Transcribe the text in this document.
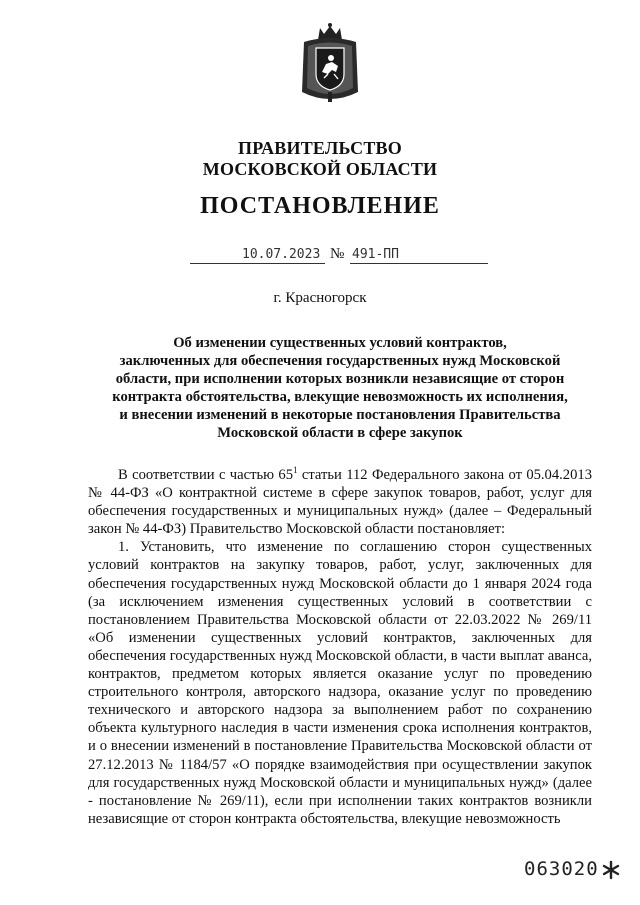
ПРАВИТЕЛЬСТВО
МОСКОВСКОЙ ОБЛАСТИ
ПОСТАНОВЛЕНИЕ
10.07.2023 № 491-ПП
г. Красногорск
Об изменении существенных условий контрактов,
заключенных для обеспечения государственных нужд Московской
области, при исполнении которых возникли независящие от сторон
контракта обстоятельства, влекущие невозможность их исполнения,
и внесении изменений в некоторые постановления Правительства
Московской области в сфере закупок

В соответствии с частью $65^1$ статьи 112 Федерального закона от 05.04.2013 № 44-ФЗ «О контрактной системе в сфере закупок товаров, работ, услуг для обеспечения государственных и муниципальных нужд» (далее – Федеральный закон № 44-ФЗ) Правительство Московской области постановляет:

1. Установить, что изменение по соглашению сторон существенных условий контрактов на закупку товаров, работ, услуг, заключенных для обеспечения государственных нужд Московской области до 1 января 2024 года (за исключением изменения существенных условий в соответствии с постановлением Правительства Московской области от 22.03.2022 № 269/11 «Об изменении существенных условий контрактов, заключенных для обеспечения государственных нужд Московской области, в части выплат аванса, контрактов, предметом которых является оказание услуг по проведению строительного контроля, авторского надзора, оказание услуг по проведению технического и авторского надзора за выполнением работ по сохранению объекта культурного наследия в части изменения срока исполнения контрактов, и о внесении изменений в постановление Правительства Московской области от 27.12.2013 № 1184/57 «О порядке взаимодействия при осуществлении закупок для государственных нужд Московской области и муниципальных нужд» (далее - постановление № 269/11), если при исполнении таких контрактов возникли независящие от сторон контракта обстоятельства, влекущие невозможность

063020
